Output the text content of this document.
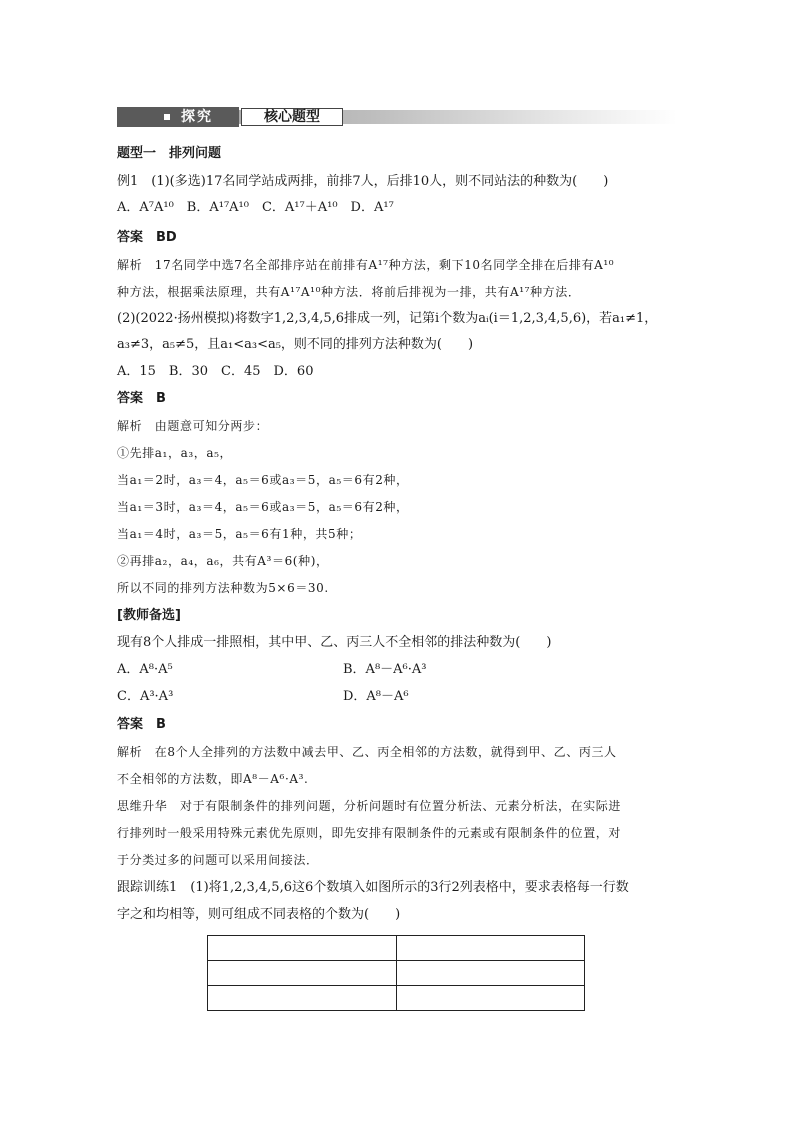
探究	核心题型
题型一　排列问题
例1　(1)(多选)17名同学站成两排，前排7人，后排10人，则不同站法的种数为(　　)
A．A⁷A¹⁰　B．A¹⁷A¹⁰　C．A¹⁷＋A¹⁰　D．A¹⁷
答案　BD
解析　17名同学中选7名全部排序站在前排有A¹⁷种方法，剩下10名同学全排在后排有A¹⁰
种方法，根据乘法原理，共有A¹⁷A¹⁰种方法．将前后排视为一排，共有A¹⁷种方法．
(2)(2022·扬州模拟)将数字1,2,3,4,5,6排成一列，记第i个数为aᵢ(i＝1,2,3,4,5,6)，若a₁≠1，
a₃≠3，a₅≠5，且a₁<a₃<a₅，则不同的排列方法种数为(　　)
A．15　B．30　C．45　D．60
答案　B
解析　由题意可知分两步：
①先排a₁，a₃，a₅，
当a₁＝2时，a₃＝4，a₅＝6或a₃＝5，a₅＝6有2种，
当a₁＝3时，a₃＝4，a₅＝6或a₃＝5，a₅＝6有2种，
当a₁＝4时，a₃＝5，a₅＝6有1种，共5种；
②再排a₂，a₄，a₆，共有A³＝6(种)，
所以不同的排列方法种数为5×6＝30.
[教师备选]
现有8个人排成一排照相，其中甲、乙、丙三人不全相邻的排法种数为(　　)
A．A⁸·A⁵	B．A⁸－A⁶·A³
C．A³·A³	D．A⁸－A⁶
答案　B
解析　在8个人全排列的方法数中减去甲、乙、丙全相邻的方法数，就得到甲、乙、丙三人
不全相邻的方法数，即A⁸－A⁶·A³.
思维升华　对于有限制条件的排列问题，分析问题时有位置分析法、元素分析法，在实际进
行排列时一般采用特殊元素优先原则，即先安排有限制条件的元素或有限制条件的位置，对
于分类过多的问题可以采用间接法．
跟踪训练1　(1)将1,2,3,4,5,6这6个数填入如图所示的3行2列表格中，要求表格每一行数
字之和均相等，则可组成不同表格的个数为(　　)
